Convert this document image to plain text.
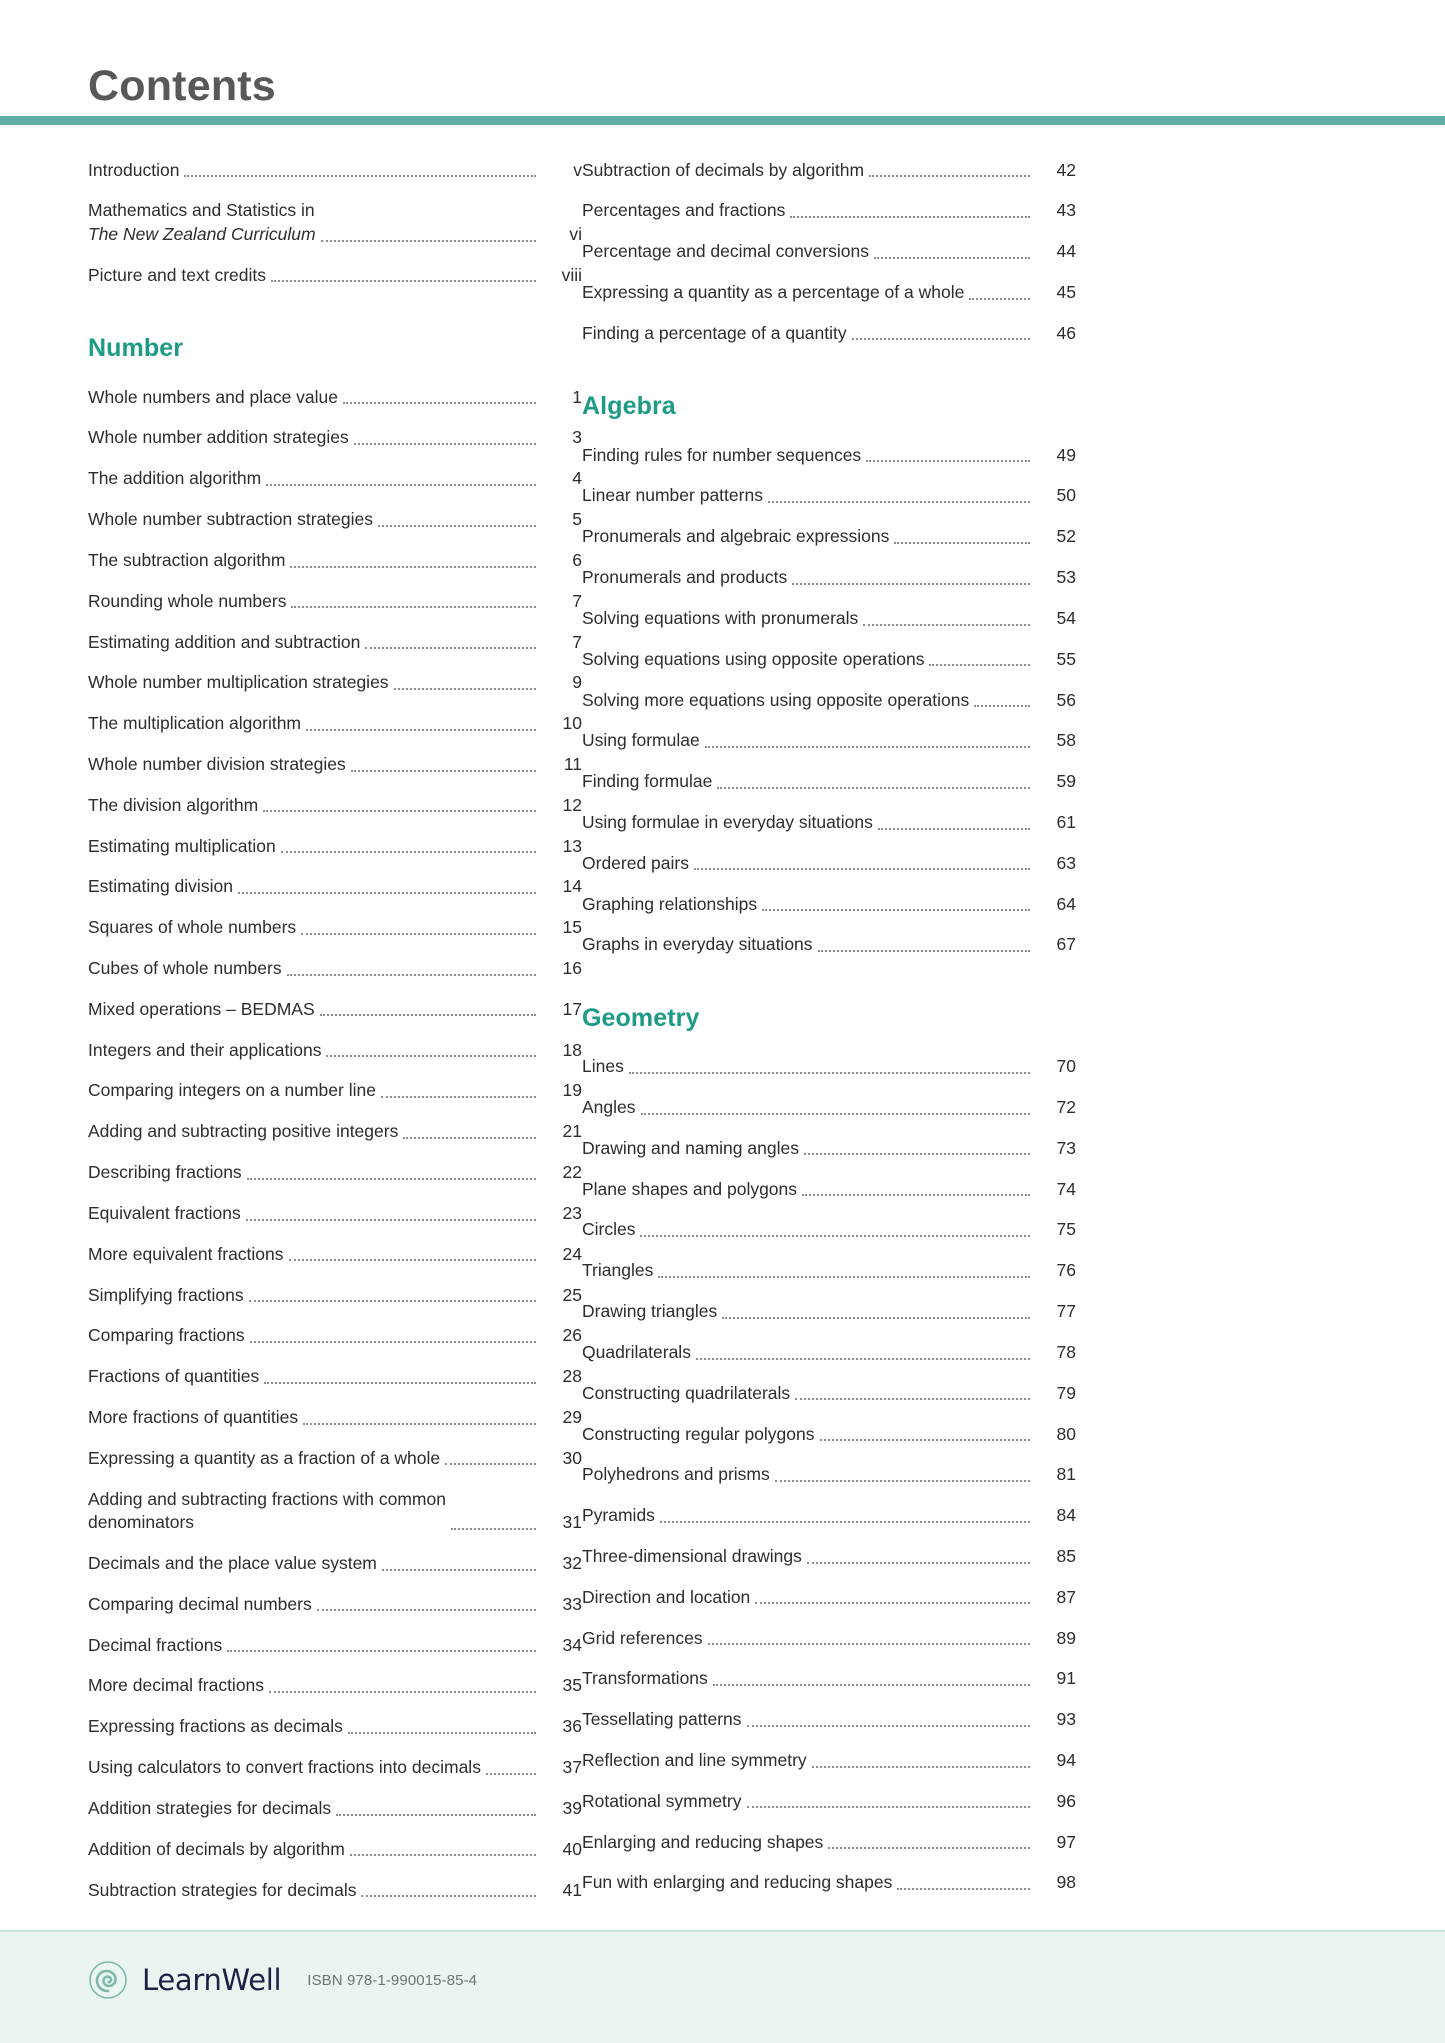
Contents
Introduction	v
Mathematics and Statistics in
The New Zealand Curriculum	vi
Picture and text credits	viii
Number
Whole numbers and place value	1
Whole number addition strategies	3
The addition algorithm	4
Whole number subtraction strategies	5
The subtraction algorithm	6
Rounding whole numbers	7
Estimating addition and subtraction	7
Whole number multiplication strategies	9
The multiplication algorithm	10
Whole number division strategies	11
The division algorithm	12
Estimating multiplication	13
Estimating division	14
Squares of whole numbers	15
Cubes of whole numbers	16
Mixed operations – BEDMAS	17
Integers and their applications	18
Comparing integers on a number line	19
Adding and subtracting positive integers	21
Describing fractions	22
Equivalent fractions	23
More equivalent fractions	24
Simplifying fractions	25
Comparing fractions	26
Fractions of quantities	28
More fractions of quantities	29
Expressing a quantity as a fraction of a whole	30
Adding and subtracting fractions with common
denominators	31
Decimals and the place value system	32
Comparing decimal numbers	33
Decimal fractions	34
More decimal fractions	35
Expressing fractions as decimals	36
Using calculators to convert fractions into decimals	37
Addition strategies for decimals	39
Addition of decimals by algorithm	40
Subtraction strategies for decimals	41
Subtraction of decimals by algorithm	42
Percentages and fractions	43
Percentage and decimal conversions	44
Expressing a quantity as a percentage of a whole	45
Finding a percentage of a quantity	46
Algebra
Finding rules for number sequences	49
Linear number patterns	50
Pronumerals and algebraic expressions	52
Pronumerals and products	53
Solving equations with pronumerals	54
Solving equations using opposite operations	55
Solving more equations using opposite operations	56
Using formulae	58
Finding formulae	59
Using formulae in everyday situations	61
Ordered pairs	63
Graphing relationships	64
Graphs in everyday situations	67
Geometry
Lines	70
Angles	72
Drawing and naming angles	73
Plane shapes and polygons	74
Circles	75
Triangles	76
Drawing triangles	77
Quadrilaterals	78
Constructing quadrilaterals	79
Constructing regular polygons	80
Polyhedrons and prisms	81
Pyramids	84
Three-dimensional drawings	85
Direction and location	87
Grid references	89
Transformations	91
Tessellating patterns	93
Reflection and line symmetry	94
Rotational symmetry	96
Enlarging and reducing shapes	97
Fun with enlarging and reducing shapes	98
LearnWell ISBN 978-1-990015-85-4
